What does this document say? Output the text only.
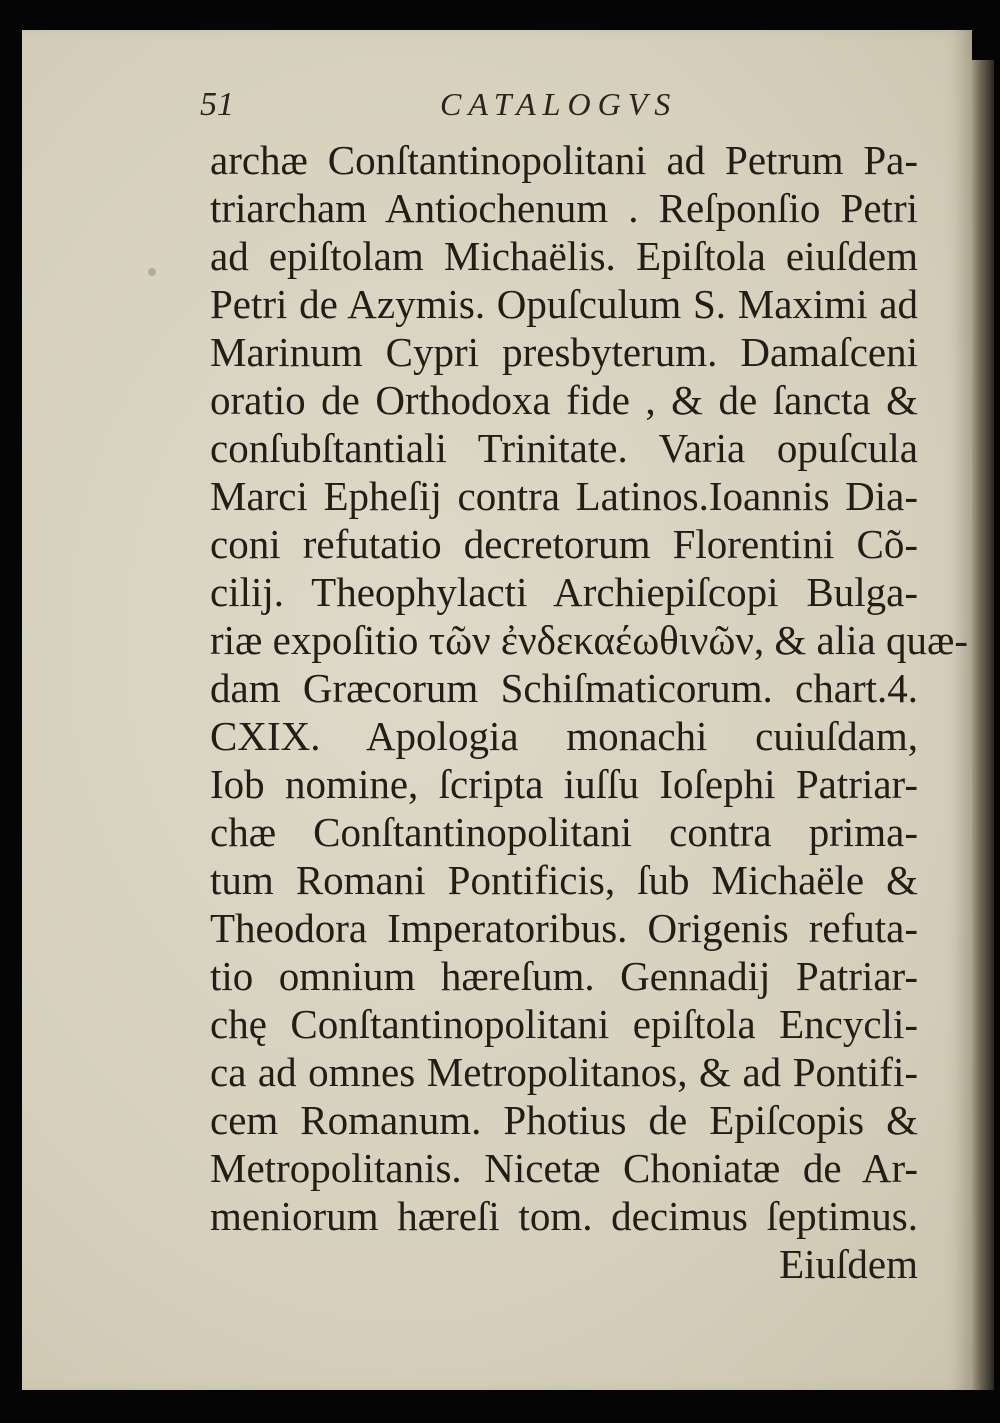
51	CATALOGVS
archæ Conſtantinopolitani ad Petrum Pa-
triarcham Antiochenum . Reſponſio Petri
ad epiſtolam Michaëlis. Epiſtola eiuſdem
Petri de Azymis. Opuſculum S. Maximi ad
Marinum Cypri presbyterum. Damaſceni
oratio de Orthodoxa fide , & de ſancta &
conſubſtantiali Trinitate. Varia opuſcula
Marci Epheſij contra Latinos.Ioannis Dia-
coni refutatio decretorum Florentini Cõ-
cilij. Theophylacti Archiepiſcopi Bulga-
riæ expoſitio τῶν ἐνδεκαέωθινῶν, & alia quæ-
dam Græcorum Schiſmaticorum. chart.4.
CXIX. Apologia monachi cuiuſdam,
Iob nomine, ſcripta iuſſu Ioſephi Patriar-
chæ Conſtantinopolitani contra prima-
tum Romani Pontificis, ſub Michaële &
Theodora Imperatoribus. Origenis refuta-
tio omnium hæreſum. Gennadij Patriar-
chę Conſtantinopolitani epiſtola Encycli-
ca ad omnes Metropolitanos, & ad Pontifi-
cem Romanum. Photius de Epiſcopis &
Metropolitanis. Nicetæ Choniatæ de Ar-
meniorum hæreſi tom. decimus ſeptimus.
Eiuſdem
